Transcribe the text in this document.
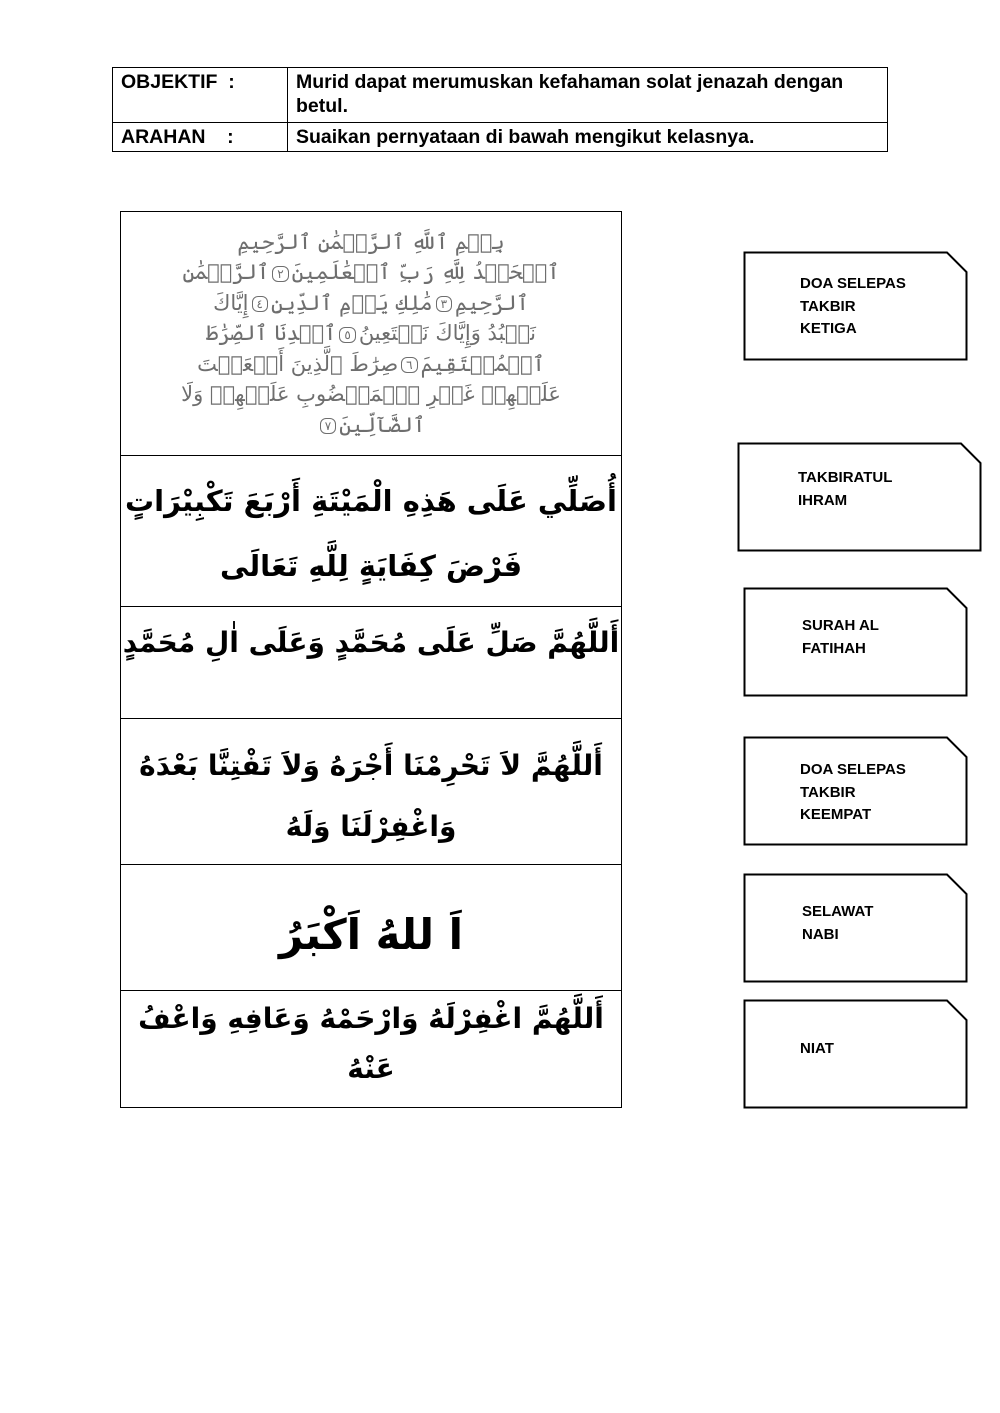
OBJEKTIF  :	Murid dapat merumuskan kefahaman solat jenazah dengan betul.
ARAHAN    :	Suaikan pernyataan di bawah mengikut kelasnya.
بِسۡمِ ٱللَّهِ ٱلرَّحۡمَٰنِ ٱلرَّحِيمِ
ٱلۡحَمۡدُ لِلَّهِ رَبِّ ٱلۡعَٰلَمِينَ٢ٱلرَّحۡمَٰنِ
ٱلرَّحِيمِ٣مَٰلِكِ يَوۡمِ ٱلدِّينِ٤إِيَّاكَ
نَعۡبُدُ وَإِيَّاكَ نَسۡتَعِينُ٥ٱهۡدِنَا ٱلصِّرَٰطَ
ٱلۡمُسۡتَقِيمَ٦صِرَٰطَ ٱلَّذِينَ أَنۡعَمۡتَ
عَلَيۡهِمۡ غَيۡرِ ٱلۡمَغۡضُوبِ عَلَيۡهِمۡ وَلَا
ٱلضَّآلِّينَ٧
أُصَلِّي عَلَى هَذِهِ الْمَيْتَةِ أَرْبَعَ تَكْبِيْرَاتٍ
فَرْضَ كِفَايَةٍ لِلَّهِ تَعَالَى
أَللَّهُمَّ صَلِّ عَلَى مُحَمَّدٍ وَعَلَى اٰلِ مُحَمَّدٍ
أَللَّهُمَّ لاَ تَحْرِمْنَا أَجْرَهُ وَلاَ تَفْتِنَّا بَعْدَهُ
وَاغْفِرْلَنَا وَلَهُ
اَ للهُ اَكْبَرُ
أَللَّهُمَّ اغْفِرْلَهُ وَارْحَمْهُ وَعَافِهِ وَاعْفُ عَنْهُ
DOA SELEPAS
TAKBIR
KETIGA
TAKBIRATUL
IHRAM
SURAH AL
FATIHAH
DOA SELEPAS
TAKBIR
KEEMPAT
SELAWAT
NABI
NIAT
